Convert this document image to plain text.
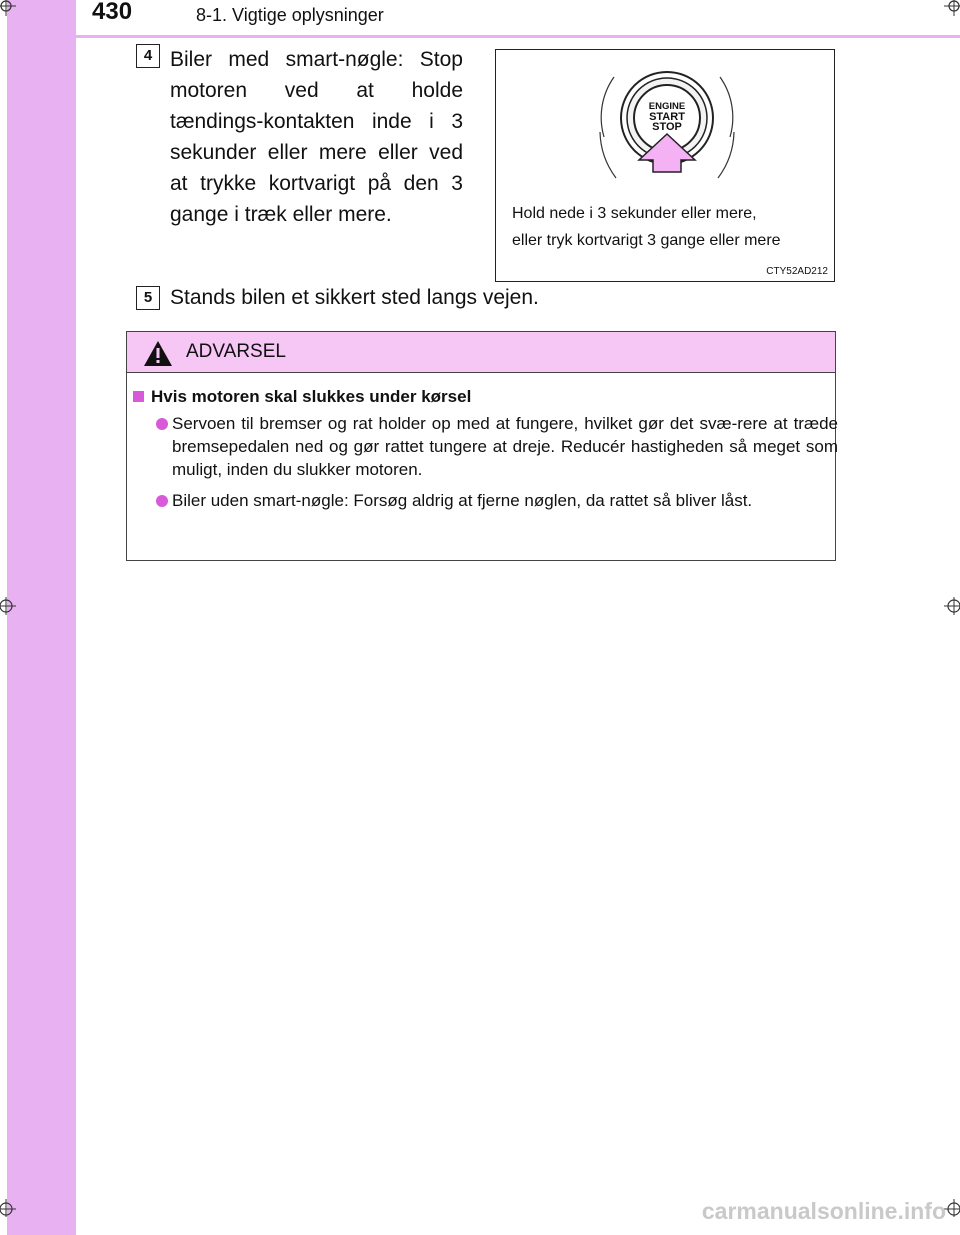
430	8-1. Vigtige oplysninger
4 Biler med smart-nøgle: Stop motoren ved at holde tændings-kontakten inde i 3 sekunder eller mere eller ved at trykke kortvarigt på den 3 gange i træk eller mere.
ENGINE
START
STOP
Hold nede i 3 sekunder eller mere,
eller tryk kortvarigt 3 gange eller mere
CTY52AD212
5 Stands bilen et sikkert sted langs vejen.
ADVARSEL
Hvis motoren skal slukkes under kørsel
Servoen til bremser og rat holder op med at fungere, hvilket gør det svæ-rere at træde bremsepedalen ned og gør rattet tungere at dreje. Reducér hastigheden så meget som muligt, inden du slukker motoren.
Biler uden smart-nøgle: Forsøg aldrig at fjerne nøglen, da rattet så bliver låst.
carmanualsonline.info
